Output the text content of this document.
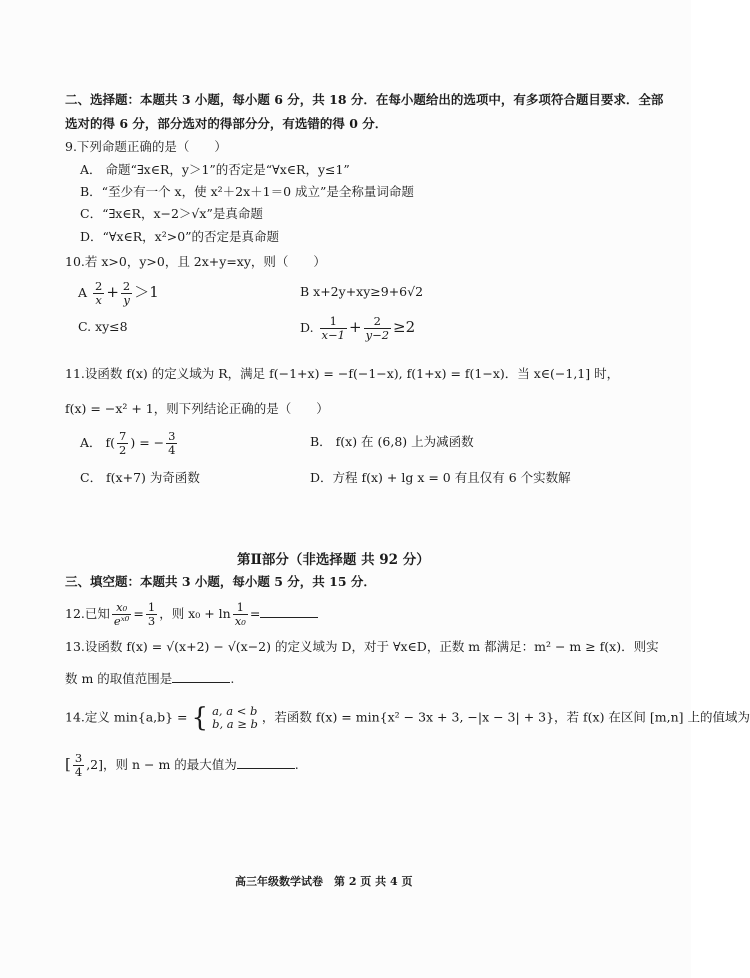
二、选择题：本题共 3 小题，每小题 6 分，共 18 分．在每小题给出的选项中，有多项符合题目要求．全部
选对的得 6 分，部分选对的得部分分，有选错的得 0 分．
9.下列命题正确的是（　　）
A． 命题“∃x∈R，y＞1”的否定是“∀x∈R，y≤1”
B．“至少有一个 x，使 x²＋2x＋1＝0 成立”是全称量词命题
C．“∃x∈R，x−2＞√x”是真命题
D．“∀x∈R，x²>0”的否定是真命题
10.若 x>0，y>0，且 2x+y=xy，则（　　）
A $\frac{2}{x} + \frac{2}{y} >1$	B x+2y+xy≥9+6√2
C. xy≤8	D. $\frac{1}{x-1} + \frac{2}{y-2} \ge 2$
11.设函数 f(x) 的定义域为 R，满足 f(−1+x) = −f(−1−x), f(1+x) = f(1−x)．当 x∈(−1,1] 时，
f(x) = −x² + 1，则下列结论正确的是（　　）
A． $f( \frac{7}{2}$ ) = − $\frac{3}{4}$	B． f(x) 在 (6,8) 上为减函数
C． f(x+7) 为奇函数	D．方程 f(x) + lg x = 0 有且仅有 6 个实数解
第Ⅱ部分（非选择题 共 92 分）
三、填空题：本题共 3 小题，每小题 5 分，共 15 分．
12.已知 $\frac{\text{x₀}}{\text{eˣ⁰}} = \frac{1}{3}$ ，则 $x_0 + \ln \frac{1}{\text{x₀}}$ =
13.设函数 f(x) = √(x+2) − √(x−2) 的定义域为 D，对于 ∀x∈D，正数 m 都满足：m² − m ≥ f(x)．则实
数 m 的取值范围是	.
14.定义 min{a,b} = { a, a < b
b, a ≥ b ，若函数 f(x) = min{x² − 3x + 3, −|x − 3| + 3}，若 f(x) 在区间 [m,n] 上的值域为
[ $\frac{3}{4} ,2$]，则 n − m 的最大值为	.
高三年级数学试卷　第 2 页 共 4 页
